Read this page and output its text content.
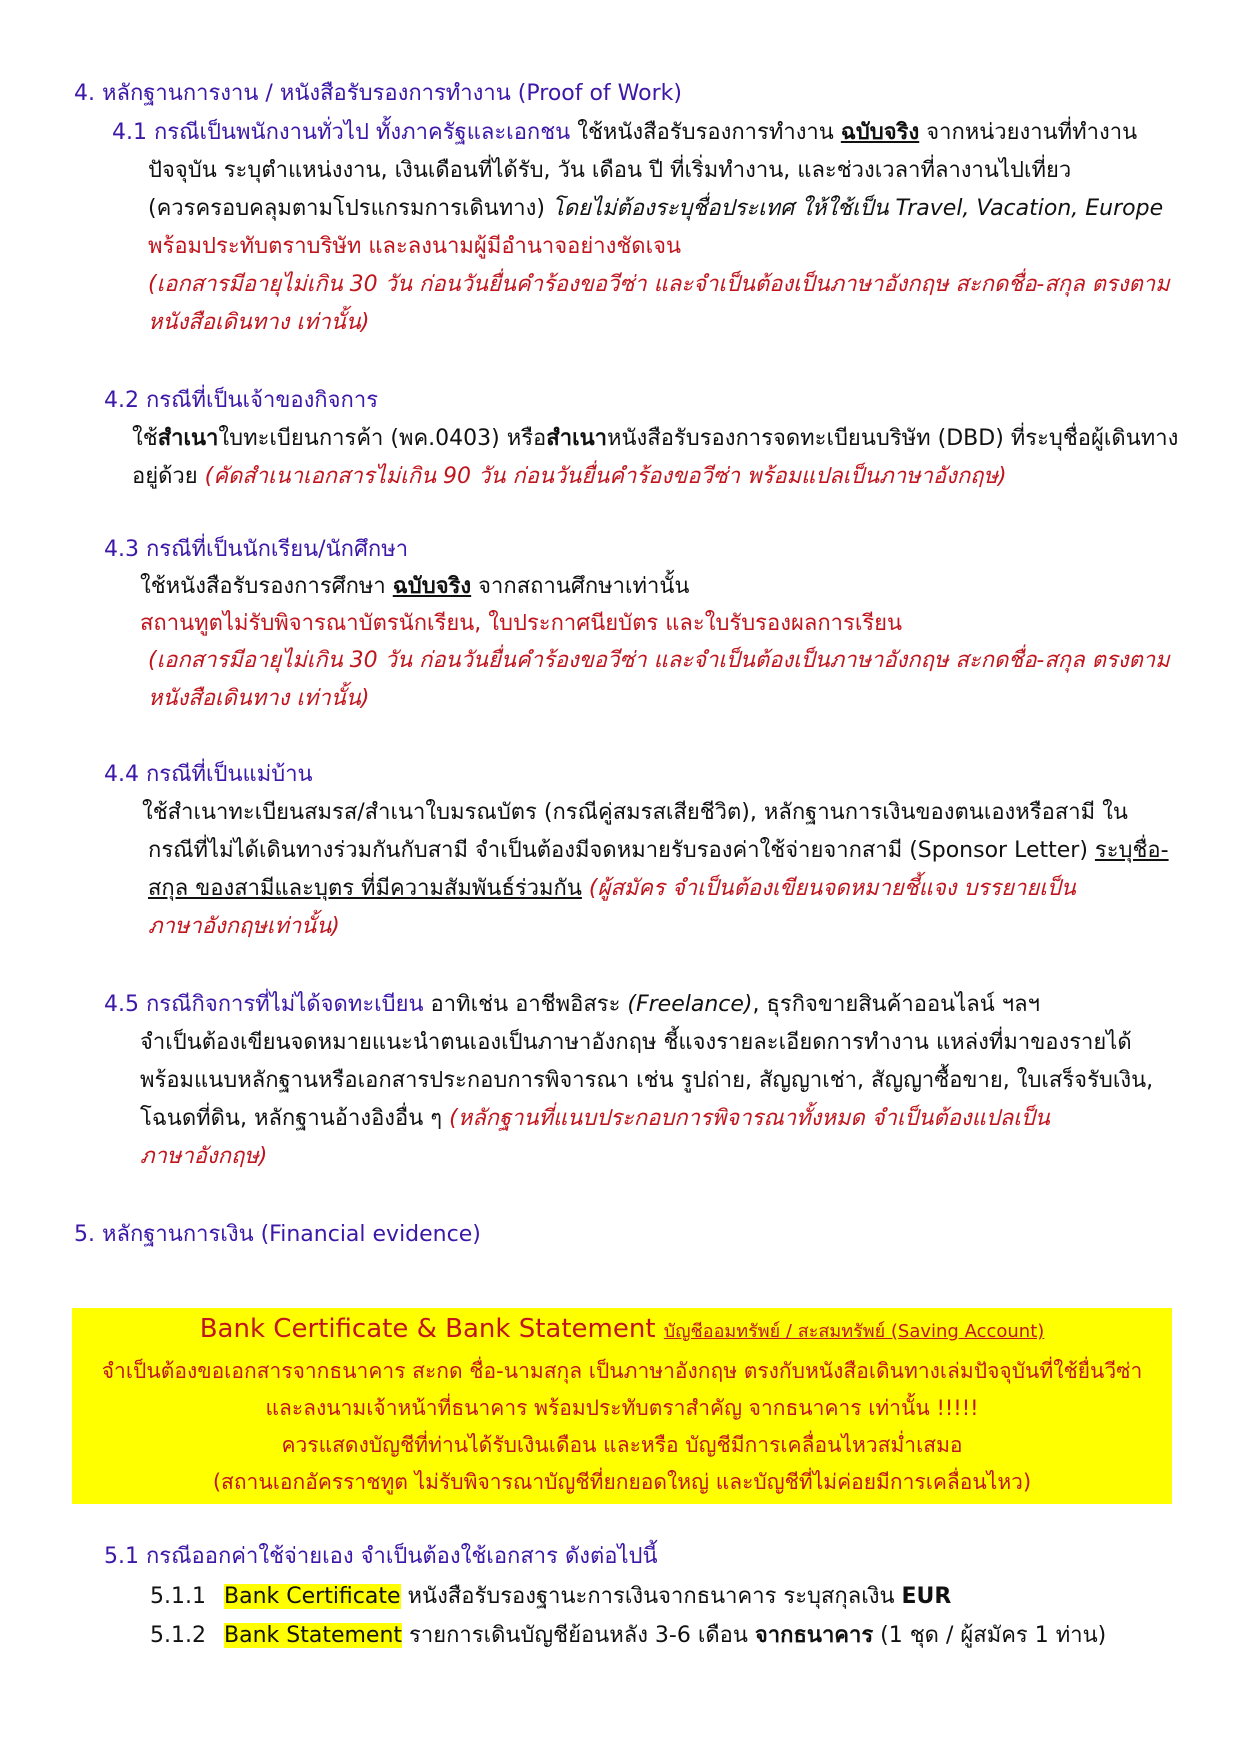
4. หลักฐานการงาน / หนังสือรับรองการทำงาน (Proof of Work)
4.1 กรณีเป็นพนักงานทั่วไป ทั้งภาครัฐและเอกชน ใช้หนังสือรับรองการทำงาน ฉบับจริง จากหน่วยงานที่ทำงาน
ปัจจุบัน ระบุตำแหน่งงาน, เงินเดือนที่ได้รับ, วัน เดือน ปี ที่เริ่มทำงาน, และช่วงเวลาที่ลางานไปเที่ยว
(ควรครอบคลุมตามโปรแกรมการเดินทาง) โดยไม่ต้องระบุชื่อประเทศ ให้ใช้เป็น Travel, Vacation, Europe
พร้อมประทับตราบริษัท และลงนามผู้มีอำนาจอย่างชัดเจน
(เอกสารมีอายุไม่เกิน 30 วัน ก่อนวันยื่นคำร้องขอวีซ่า และจำเป็นต้องเป็นภาษาอังกฤษ สะกดชื่อ-สกุล ตรงตาม
หนังสือเดินทาง เท่านั้น)
4.2 กรณีที่เป็นเจ้าของกิจการ
ใช้สำเนาใบทะเบียนการค้า (พค.0403) หรือสำเนาหนังสือรับรองการจดทะเบียนบริษัท (DBD) ที่ระบุชื่อผู้เดินทาง
อยู่ด้วย (คัดสำเนาเอกสารไม่เกิน 90 วัน ก่อนวันยื่นคำร้องขอวีซ่า พร้อมแปลเป็นภาษาอังกฤษ)
4.3 กรณีที่เป็นนักเรียน/นักศึกษา
ใช้หนังสือรับรองการศึกษา ฉบับจริง จากสถานศึกษาเท่านั้น
สถานทูตไม่รับพิจารณาบัตรนักเรียน, ใบประกาศนียบัตร และใบรับรองผลการเรียน
(เอกสารมีอายุไม่เกิน 30 วัน ก่อนวันยื่นคำร้องขอวีซ่า และจำเป็นต้องเป็นภาษาอังกฤษ สะกดชื่อ-สกุล ตรงตาม
หนังสือเดินทาง เท่านั้น)
4.4 กรณีที่เป็นแม่บ้าน
ใช้สำเนาทะเบียนสมรส/สำเนาใบมรณบัตร (กรณีคู่สมรสเสียชีวิต), หลักฐานการเงินของตนเองหรือสามี ใน
กรณีที่ไม่ได้เดินทางร่วมกันกับสามี จำเป็นต้องมีจดหมายรับรองค่าใช้จ่ายจากสามี (Sponsor Letter) ระบุชื่อ-
สกุล ของสามีและบุตร ที่มีความสัมพันธ์ร่วมกัน (ผู้สมัคร จำเป็นต้องเขียนจดหมายชี้แจง บรรยายเป็น
ภาษาอังกฤษเท่านั้น)
4.5 กรณีกิจการที่ไม่ได้จดทะเบียน อาทิเช่น อาชีพอิสระ (Freelance), ธุรกิจขายสินค้าออนไลน์ ฯลฯ
จำเป็นต้องเขียนจดหมายแนะนำตนเองเป็นภาษาอังกฤษ ชี้แจงรายละเอียดการทำงาน แหล่งที่มาของรายได้
พร้อมแนบหลักฐานหรือเอกสารประกอบการพิจารณา เช่น รูปถ่าย, สัญญาเช่า, สัญญาซื้อขาย, ใบเสร็จรับเงิน,
โฉนดที่ดิน, หลักฐานอ้างอิงอื่น ๆ (หลักฐานที่แนบประกอบการพิจารณาทั้งหมด จำเป็นต้องแปลเป็น
ภาษาอังกฤษ)
5. หลักฐานการเงิน (Financial evidence)
Bank Certificate & Bank Statement บัญชีออมทรัพย์ / สะสมทรัพย์ (Saving Account)
จำเป็นต้องขอเอกสารจากธนาคาร สะกด ชื่อ-นามสกุล เป็นภาษาอังกฤษ ตรงกับหนังสือเดินทางเล่มปัจจุบันที่ใช้ยื่นวีซ่า
และลงนามเจ้าหน้าที่ธนาคาร พร้อมประทับตราสำคัญ จากธนาคาร เท่านั้น !!!!!
ควรแสดงบัญชีที่ท่านได้รับเงินเดือน และหรือ บัญชีมีการเคลื่อนไหวสม่ำเสมอ
(สถานเอกอัครราชทูต ไม่รับพิจารณาบัญชีที่ยกยอดใหญ่ และบัญชีที่ไม่ค่อยมีการเคลื่อนไหว)
5.1 กรณีออกค่าใช้จ่ายเอง จำเป็นต้องใช้เอกสาร ดังต่อไปนี้
5.1.1 Bank Certificate หนังสือรับรองฐานะการเงินจากธนาคาร ระบุสกุลเงิน EUR
5.1.2 Bank Statement รายการเดินบัญชีย้อนหลัง 3-6 เดือน จากธนาคาร (1 ชุด / ผู้สมัคร 1 ท่าน)
